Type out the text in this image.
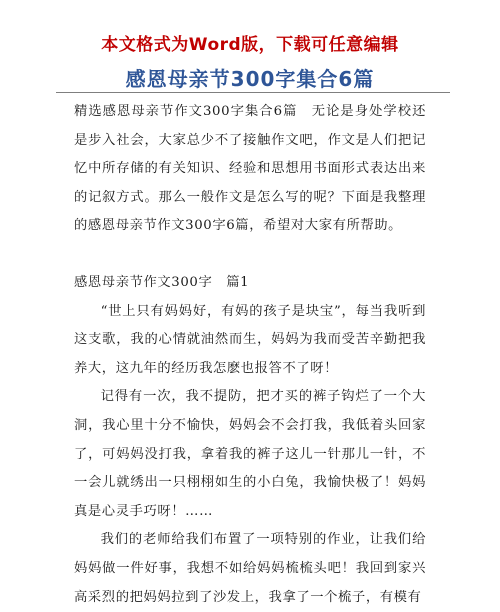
本文格式为Word版，下载可任意编辑
感恩母亲节300字集合6篇

精选感恩母亲节作文300字集合6篇　无论是身处学校还是步入社会，大家总少不了接触作文吧，作文是人们把记忆中所存储的有关知识、经验和思想用书面形式表达出来的记叙方式。那么一般作文是怎么写的呢？下面是我整理的感恩母亲节作文300字6篇，希望对大家有所帮助。

感恩母亲节作文300字　篇1

“世上只有妈妈好，有妈的孩子是块宝”，每当我听到这支歌，我的心情就油然而生，妈妈为我而受苦辛勤把我养大，这九年的经历我怎麽也报答不了呀！

记得有一次，我不提防，把才买的裤子钩烂了一个大洞，我心里十分不愉快，妈妈会不会打我，我低着头回家了，可妈妈没打我，拿着我的裤子这儿一针那儿一针，不一会儿就绣出一只栩栩如生的小白兔，我愉快极了！妈妈真是心灵手巧呀！……

我们的老师给我们布置了一项特别的作业，让我们给妈妈做一件好事，我想不如给妈妈梳梳头吧！我回到家兴高采烈的把妈妈拉到了沙发上，我拿了一个梳子，有模有
